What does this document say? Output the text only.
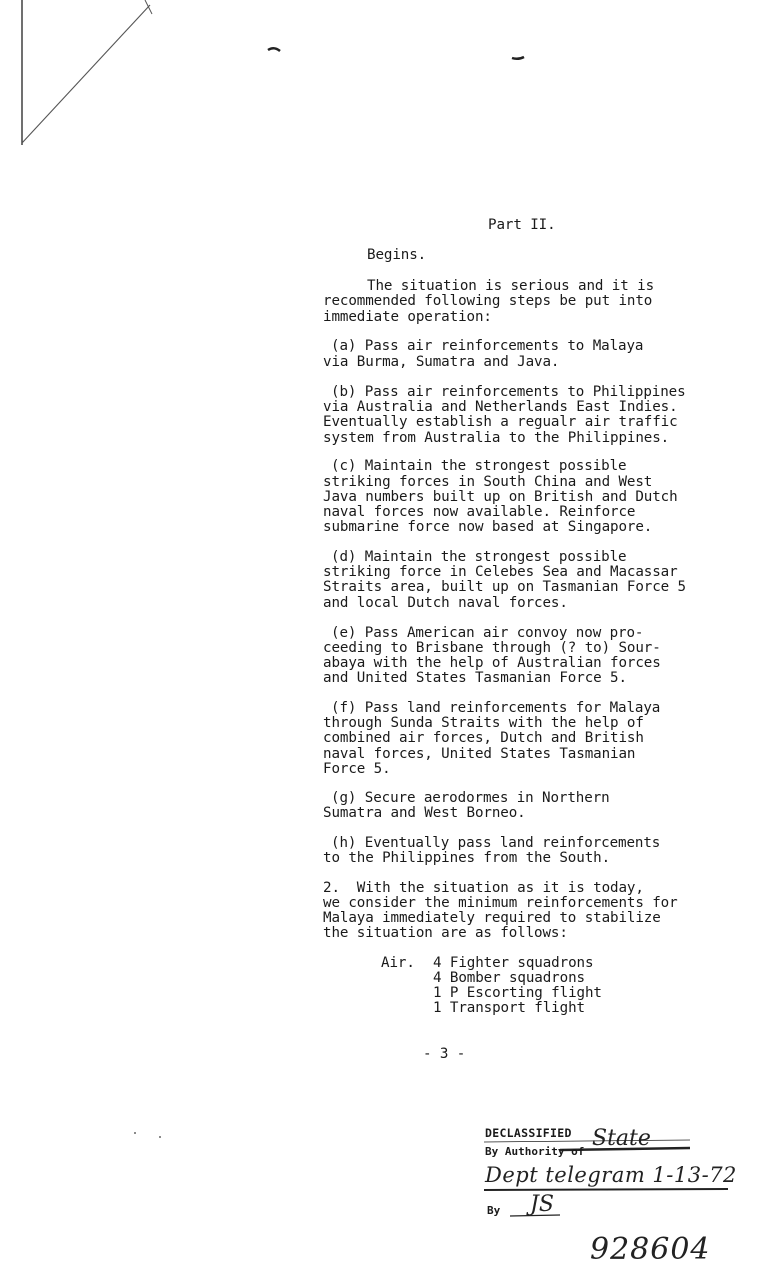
Part II.
Begins.
The situation is serious and it is
recommended following steps be put into
immediate operation:
(a) Pass air reinforcements to Malaya
via Burma, Sumatra and Java.
(b) Pass air reinforcements to Philippines
via Australia and Netherlands East Indies.
Eventually establish a regualr air traffic
system from Australia to the Philippines.
(c) Maintain the strongest possible
striking forces in South China and West
Java numbers built up on British and Dutch
naval forces now available. Reinforce
submarine force now based at Singapore.
(d) Maintain the strongest possible
striking force in Celebes Sea and Macassar
Straits area, built up on Tasmanian Force 5
and local Dutch naval forces.
(e) Pass American air convoy now pro-
ceeding to Brisbane through (? to) Sour-
abaya with the help of Australian forces
and United States Tasmanian Force 5.
(f) Pass land reinforcements for Malaya
through Sunda Straits with the help of
combined air forces, Dutch and British
naval forces, United States Tasmanian
Force 5.
(g) Secure aerodormes in Northern
Sumatra and West Borneo.
(h) Eventually pass land reinforcements
to the Philippines from the South.
2.  With the situation as it is today,
we consider the minimum reinforcements for
Malaya immediately required to stabilize
the situation are as follows:
Air. 4 Fighter squadrons
4 Bomber squadrons
1 P Escorting flight
1 Transport flight
- 3 -
DECLASSIFIED
By Authority of
State
Dept telegram 1-13-72
By JS
928604
